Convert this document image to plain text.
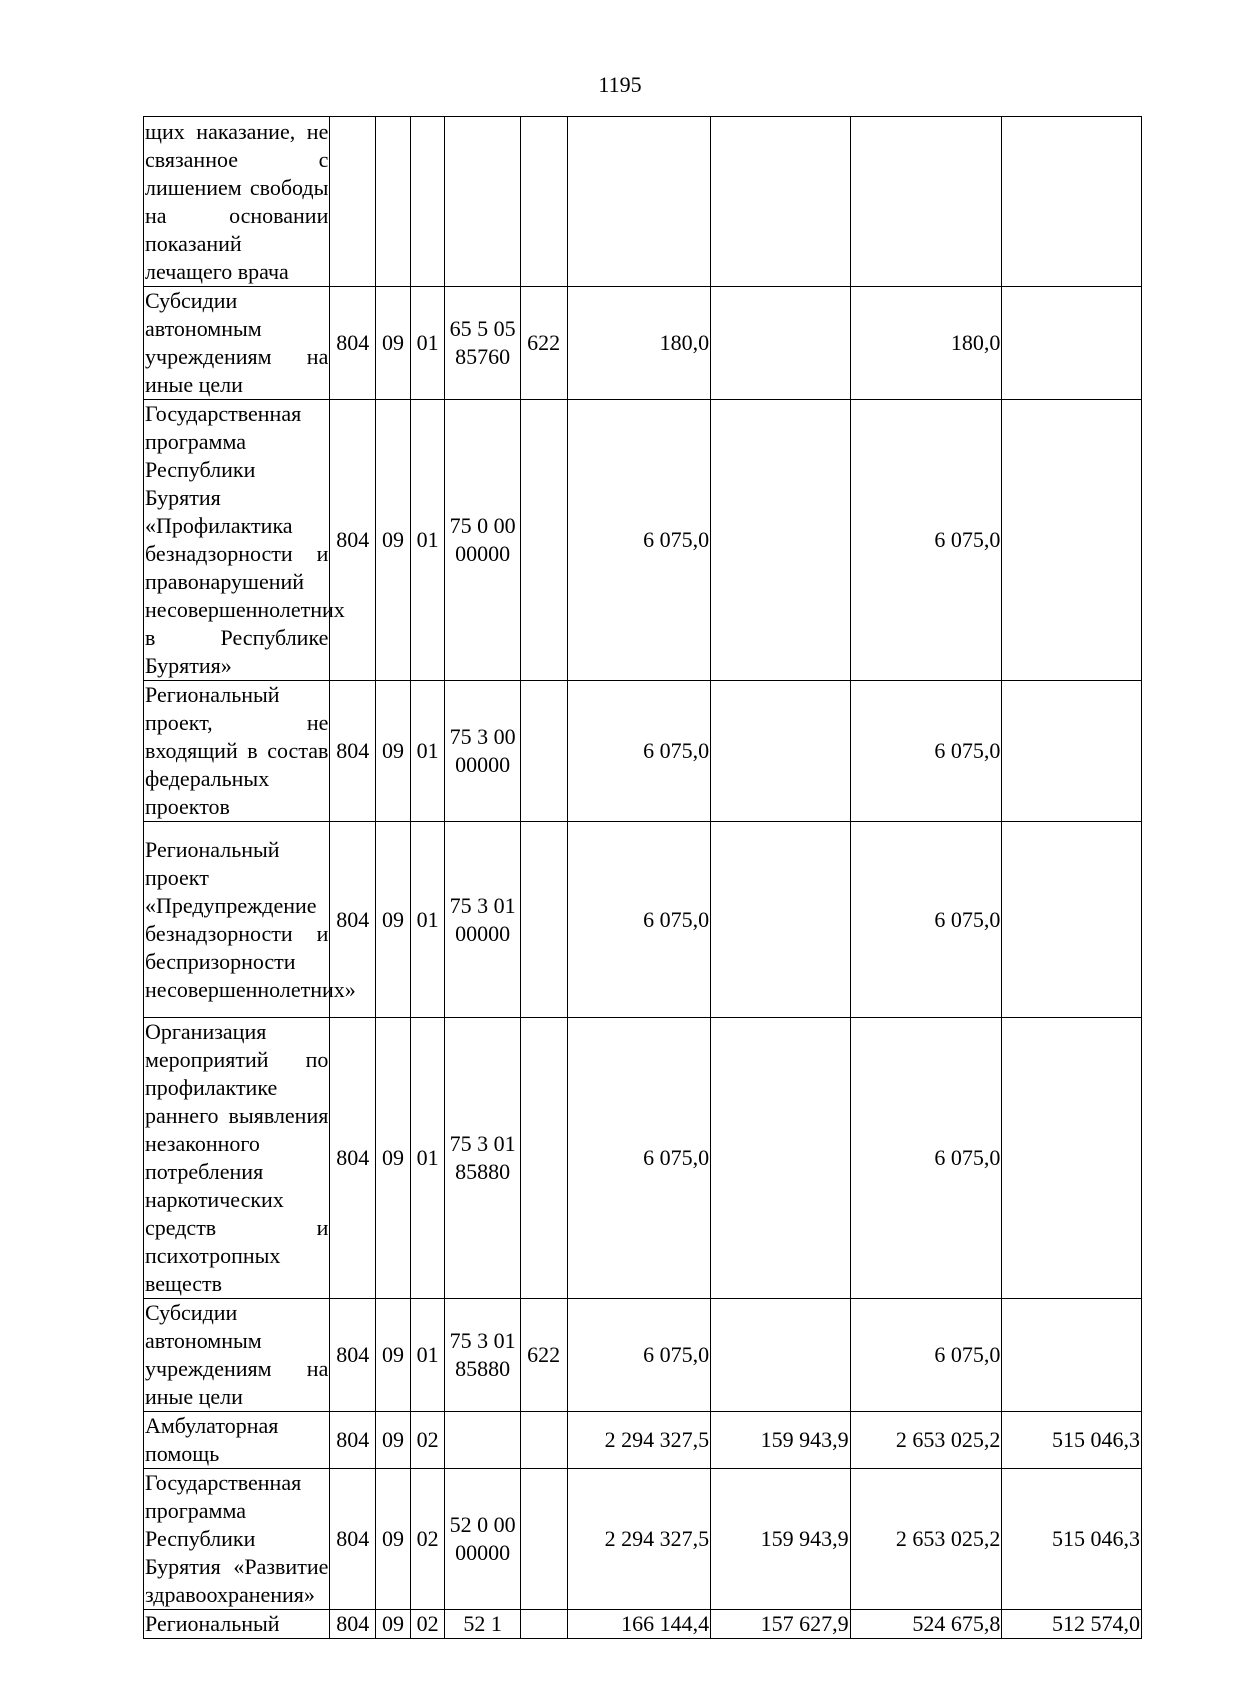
1195
щих наказание, не связанное с лишением свободы на основании показаний лечащего врача									
Субсидии автономным учреждениям на иные цели	804	09	01	65 5 05 85760	622	180,0		180,0	
Государственная программа Республики Бурятия «Профилактика безнадзорности и правонарушений несовершеннолетних в Республике Бурятия»	804	09	01	75 0 00 00000		6 075,0		6 075,0	
Региональный проект, не входящий в состав федеральных проектов	804	09	01	75 3 00 00000		6 075,0		6 075,0	
Региональный проект «Предупреждение безнадзорности и беспризорности несовершеннолетних»	804	09	01	75 3 01 00000		6 075,0		6 075,0	
Организация мероприятий по профилактике раннего выявления незаконного потребления наркотических средств и психотропных веществ	804	09	01	75 3 01 85880		6 075,0		6 075,0	
Субсидии автономным учреждениям на иные цели	804	09	01	75 3 01 85880	622	6 075,0		6 075,0	
Амбулаторная помощь	804	09	02			2 294 327,5	159 943,9	2 653 025,2	515 046,3
Государственная программа Республики Бурятия «Развитие здравоохранения»	804	09	02	52 0 00 00000		2 294 327,5	159 943,9	2 653 025,2	515 046,3
Региональный	804	09	02	52 1		166 144,4	157 627,9	524 675,8	512 574,0
